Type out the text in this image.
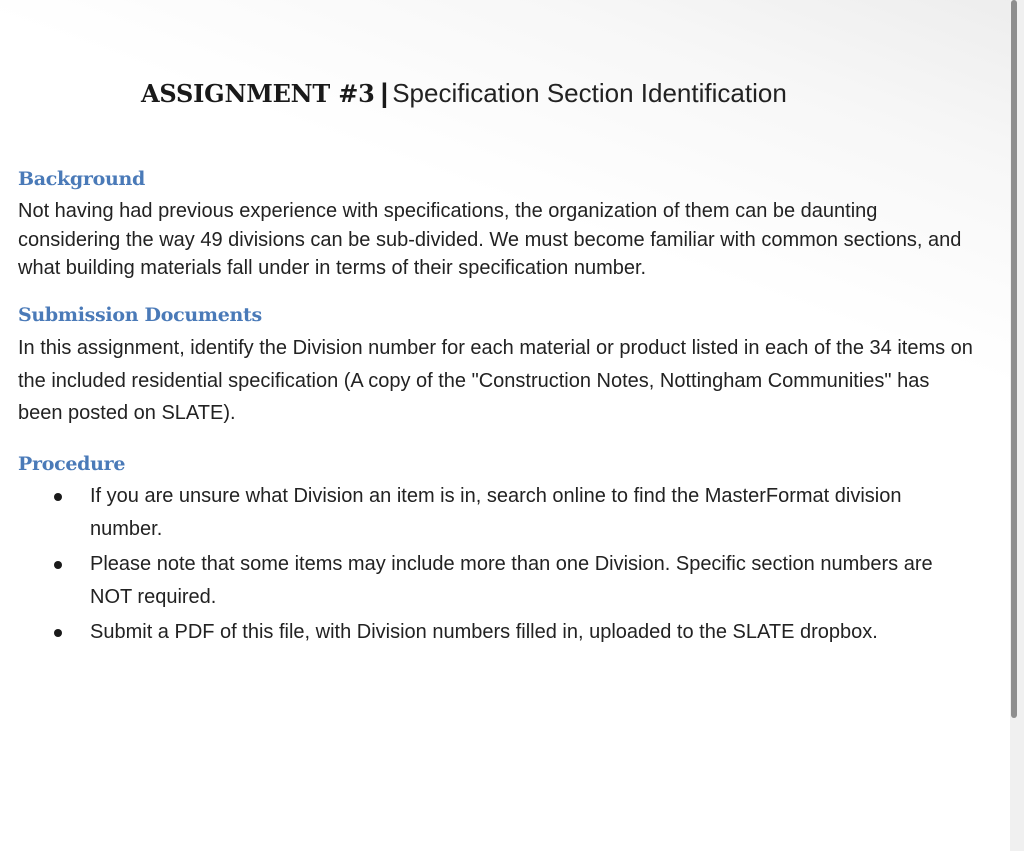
ASSIGNMENT #3 | Specification Section Identification
Background
Not having had previous experience with specifications, the organization of them can be daunting considering the way 49 divisions can be sub-divided. We must become familiar with common sections, and what building materials fall under in terms of their specification number.
Submission Documents
In this assignment, identify the Division number for each material or product listed in each of the 34 items on the included residential specification (A copy of the "Construction Notes, Nottingham Communities" has been posted on SLATE).
Procedure
If you are unsure what Division an item is in, search online to find the MasterFormat division number.
Please note that some items may include more than one Division. Specific section numbers are NOT required.
Submit a PDF of this file, with Division numbers filled in, uploaded to the SLATE dropbox.
